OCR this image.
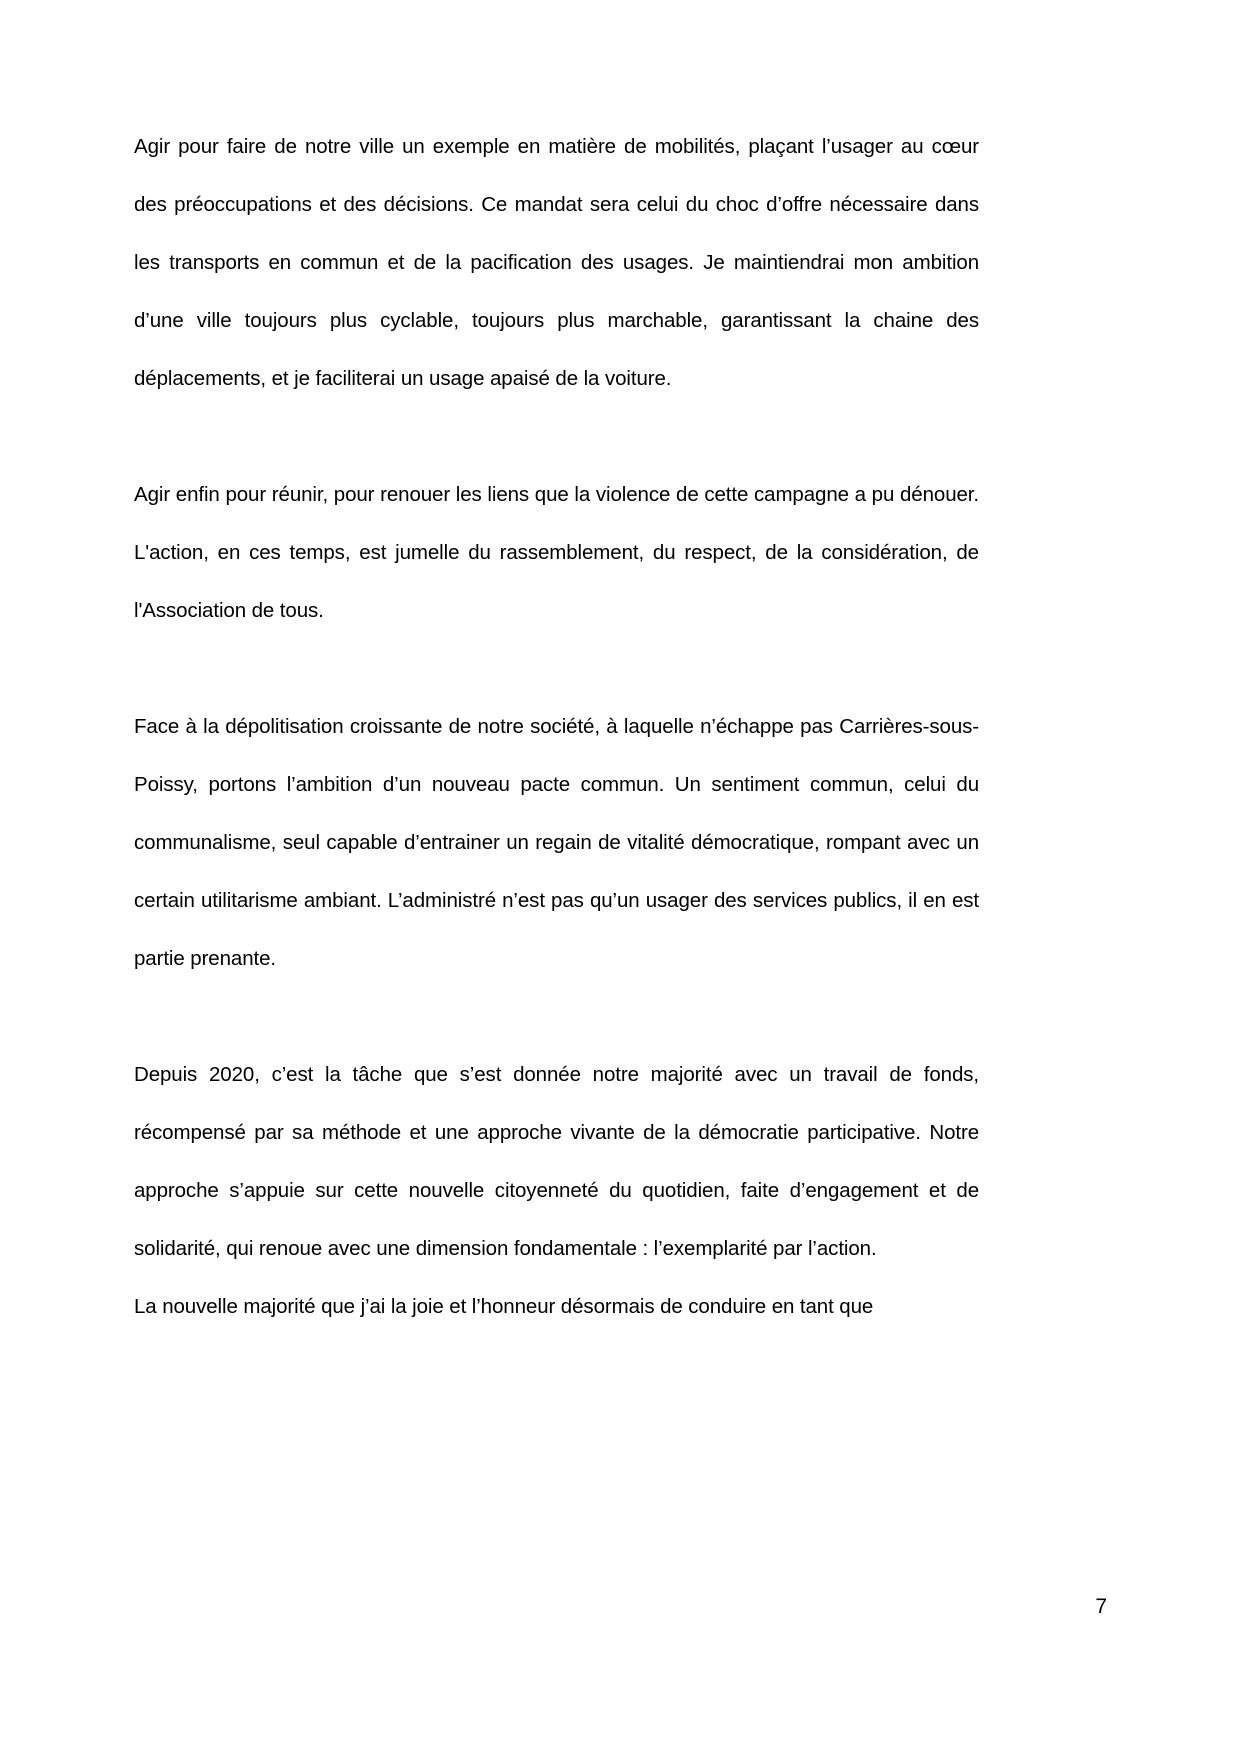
Agir pour faire de notre ville un exemple en matière de mobilités, plaçant l’usager au cœur des préoccupations et des décisions. Ce mandat sera celui du choc d’offre nécessaire dans les transports en commun et de la pacification des usages. Je maintiendrai mon ambition d’une ville toujours plus cyclable, toujours plus marchable, garantissant la chaine des déplacements, et je faciliterai un usage apaisé de la voiture.

Agir enfin pour réunir, pour renouer les liens que la violence de cette campagne a pu dénouer. L'action, en ces temps, est jumelle du rassemblement, du respect, de la considération, de l'Association de tous.

Face à la dépolitisation croissante de notre société, à laquelle n’échappe pas Carrières-sous-Poissy, portons l’ambition d’un nouveau pacte commun. Un sentiment commun, celui du communalisme, seul capable d’entrainer un regain de vitalité démocratique, rompant avec un certain utilitarisme ambiant. L’administré n’est pas qu’un usager des services publics, il en est partie prenante.

Depuis 2020, c’est la tâche que s’est donnée notre majorité avec un travail de fonds, récompensé par sa méthode et une approche vivante de la démocratie participative. Notre approche s’appuie sur cette nouvelle citoyenneté du quotidien, faite d’engagement et de solidarité, qui renoue avec une dimension fondamentale : l’exemplarité par l’action.

La nouvelle majorité que j’ai la joie et l’honneur désormais de conduire en tant que

7
